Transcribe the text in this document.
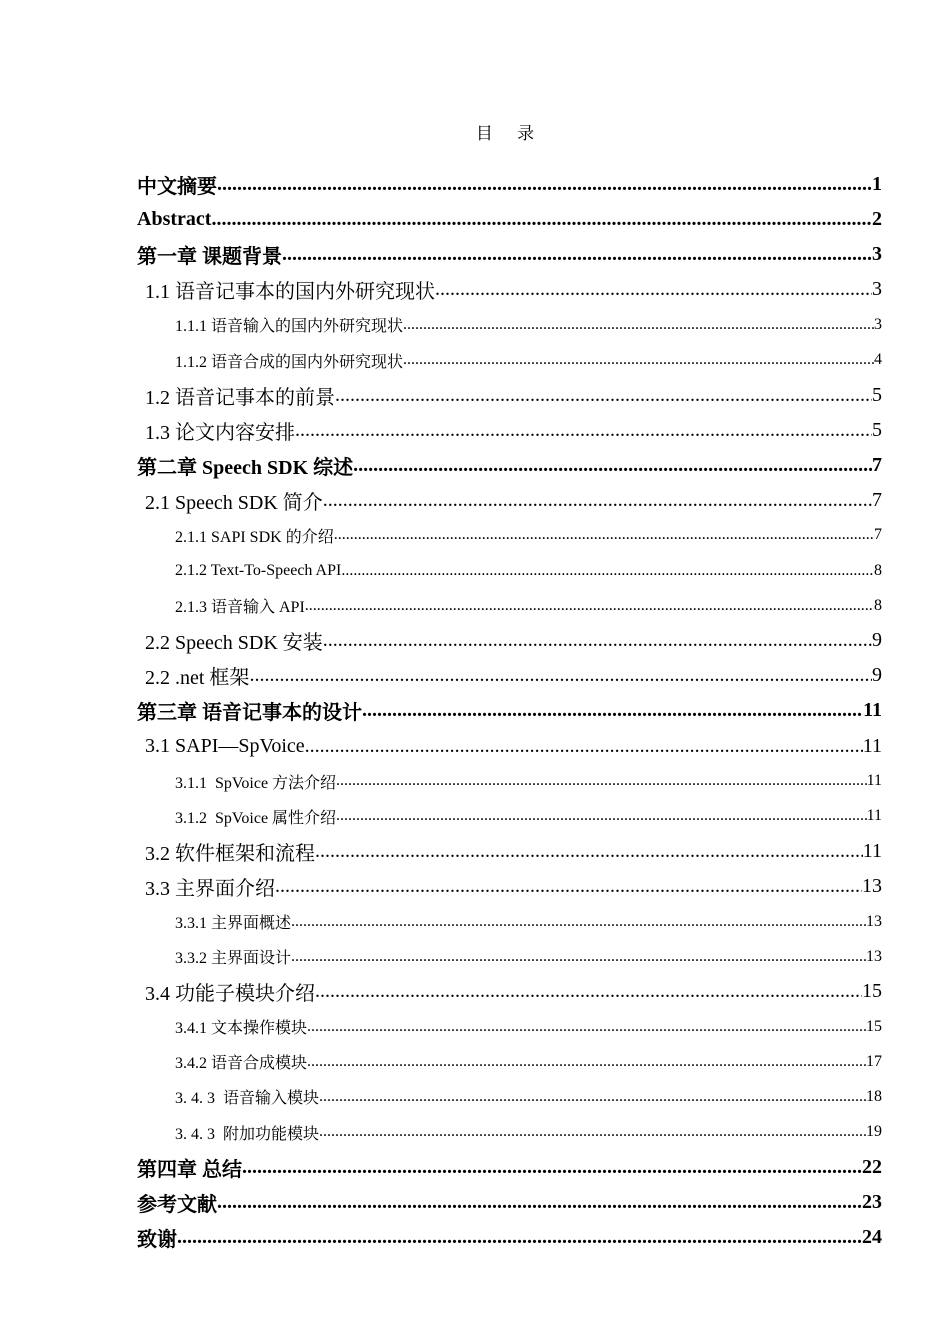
目 录
中文摘要 .....	1
Abstract .....	2
第一章 课题背景 .....	3
1.1 语音记事本的国内外研究现状 .....	3
1.1.1 语音输入的国内外研究现状 .....	3
1.1.2 语音合成的国内外研究现状 .....	4
1.2 语音记事本的前景 .....	5
1.3 论文内容安排 .....	5
第二章 Speech SDK 综述 .....	7
2.1 Speech SDK 简介 .....	7
2.1.1 SAPI SDK 的介绍 .....	7
2.1.2 Text-To-Speech API .....	8
2.1.3 语音输入 API .....	8
2.2 Speech SDK 安装 .....	9
2.2 .net 框架 .....	9
第三章 语音记事本的设计 .....	11
3.1 SAPI—SpVoice .....	11
3.1.1  SpVoice 方法介绍 .....	11
3.1.2  SpVoice 属性介绍 .....	11
3.2 软件框架和流程 .....	11
3.3 主界面介绍 .....	13
3.3.1 主界面概述 .....	13
3.3.2 主界面设计 .....	13
3.4 功能子模块介绍 .....	15
3.4.1 文本操作模块 .....	15
3.4.2 语音合成模块 .....	17
3. 4. 3  语音输入模块 .....	18
3. 4. 3  附加功能模块 .....	19
第四章 总结 .....	22
参考文献 .....	23
致谢 .....	24
